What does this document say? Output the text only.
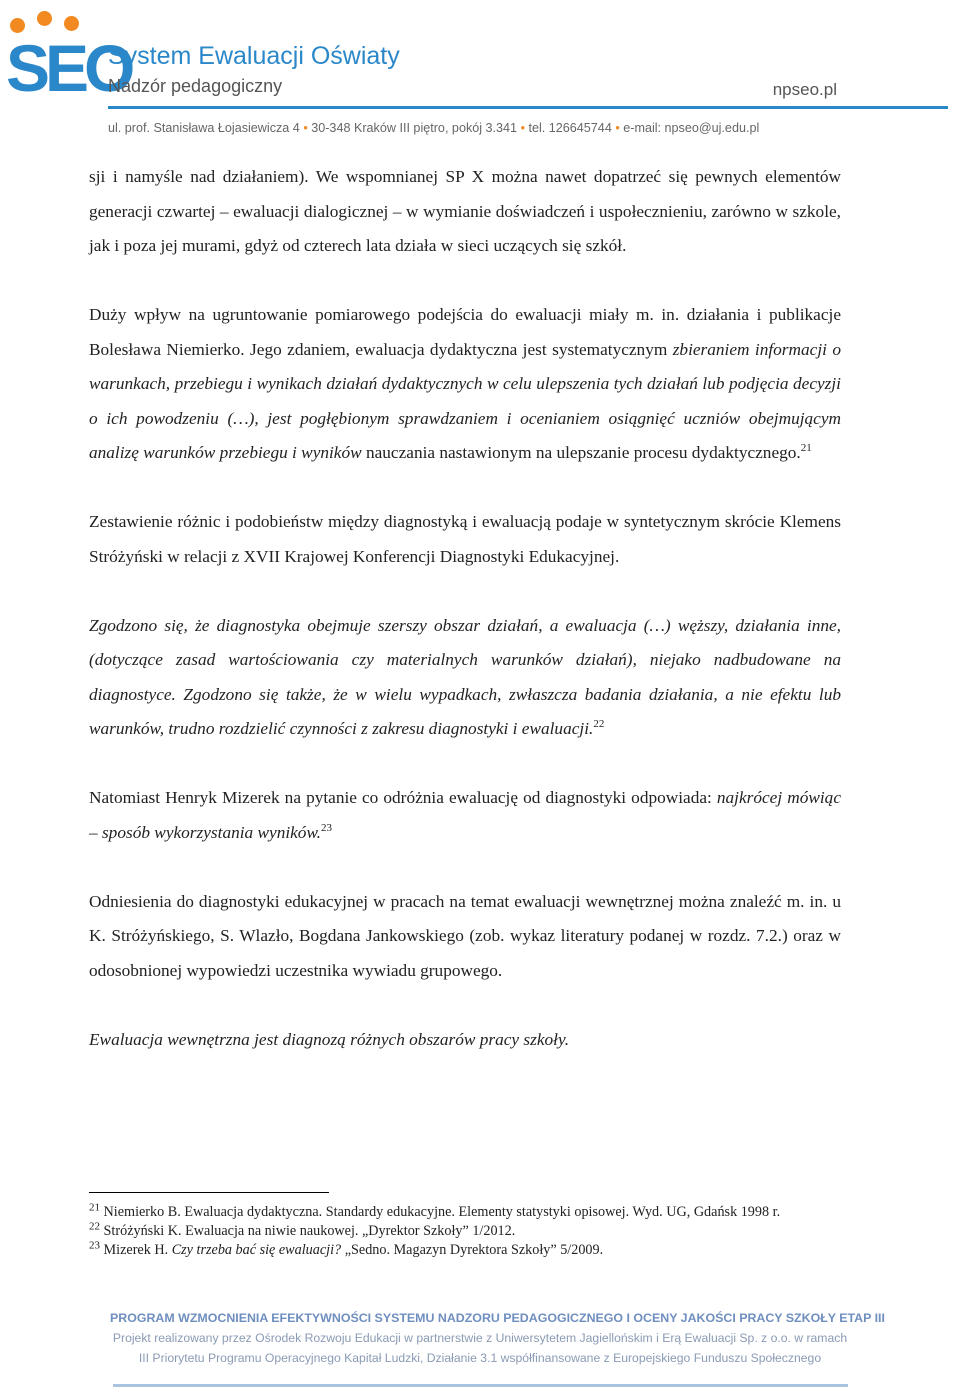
SEO
System Ewaluacji Oświaty
Nadzór pedagogiczny	npseo.pl
ul. prof. Stanisława Łojasiewicza 4 • 30-348 Kraków III piętro, pokój 3.341 • tel. 126645744 • e-mail: npseo@uj.edu.pl

sji i namyśle nad działaniem). We wspomnianej SP X można nawet dopatrzeć się pewnych elementów generacji czwartej – ewaluacji dialogicznej – w wymianie doświadczeń i uspołecznieniu, zarówno w szkole, jak i poza jej murami, gdyż od czterech lata działa w sieci uczących się szkół.

Duży wpływ na ugruntowanie pomiarowego podejścia do ewaluacji miały m. in. działania i publikacje Bolesława Niemierko. Jego zdaniem, ewaluacja dydaktyczna jest systematycznym zbieraniem informacji o warunkach, przebiegu i wynikach działań dydaktycznych w celu ulepszenia tych działań lub podjęcia decyzji o ich powodzeniu (…), jest pogłębionym sprawdzaniem i ocenianiem osiągnięć uczniów obejmującym analizę warunków przebiegu i wyników nauczania nastawionym na ulepszanie procesu dydaktycznego.$^{21}$

Zestawienie różnic i podobieństw między diagnostyką i ewaluacją podaje w syntetycznym skrócie Klemens Stróżyński w relacji z XVII Krajowej Konferencji Diagnostyki Edukacyjnej.

Zgodzono się, że diagnostyka obejmuje szerszy obszar działań, a ewaluacja (…) węższy, działania inne, (dotyczące zasad wartościowania czy materialnych warunków działań), niejako nadbudowane na diagnostyce. Zgodzono się także, że w wielu wypadkach, zwłaszcza badania działania, a nie efektu lub warunków, trudno rozdzielić czynności z zakresu diagnostyki i ewaluacji.$^{22}$

Natomiast Henryk Mizerek na pytanie co odróżnia ewaluację od diagnostyki odpowiada: najkrócej mówiąc – sposób wykorzystania wyników.$^{23}$

Odniesienia do diagnostyki edukacyjnej w pracach na temat ewaluacji wewnętrznej można znaleźć m. in. u K. Stróżyńskiego, S. Wlazło, Bogdana Jankowskiego (zob. wykaz literatury podanej w rozdz. 7.2.) oraz w odosobnionej wypowiedzi uczestnika wywiadu grupowego.

Ewaluacja wewnętrzna jest diagnozą różnych obszarów pracy szkoły.

$^{21}$ Niemierko B. Ewaluacja dydaktyczna. Standardy edukacyjne. Elementy statystyki opisowej. Wyd. UG, Gdańsk 1998 r.
$^{22}$ Stróżyński K. Ewaluacja na niwie naukowej. „Dyrektor Szkoły” 1/2012.
$^{23}$ Mizerek H. Czy trzeba bać się ewaluacji? „Sedno. Magazyn Dyrektora Szkoły” 5/2009.
PROGRAM WZMOCNIENIA EFEKTYWNOŚCI SYSTEMU NADZORU PEDAGOGICZNEGO I OCENY JAKOŚCI PRACY SZKOŁY ETAP III
Projekt realizowany przez Ośrodek Rozwoju Edukacji w partnerstwie z Uniwersytetem Jagiellońskim i Erą Ewaluacji Sp. z o.o. w ramach
III Priorytetu Programu Operacyjnego Kapitał Ludzki, Działanie 3.1 współfinansowane z Europejskiego Funduszu Społecznego
